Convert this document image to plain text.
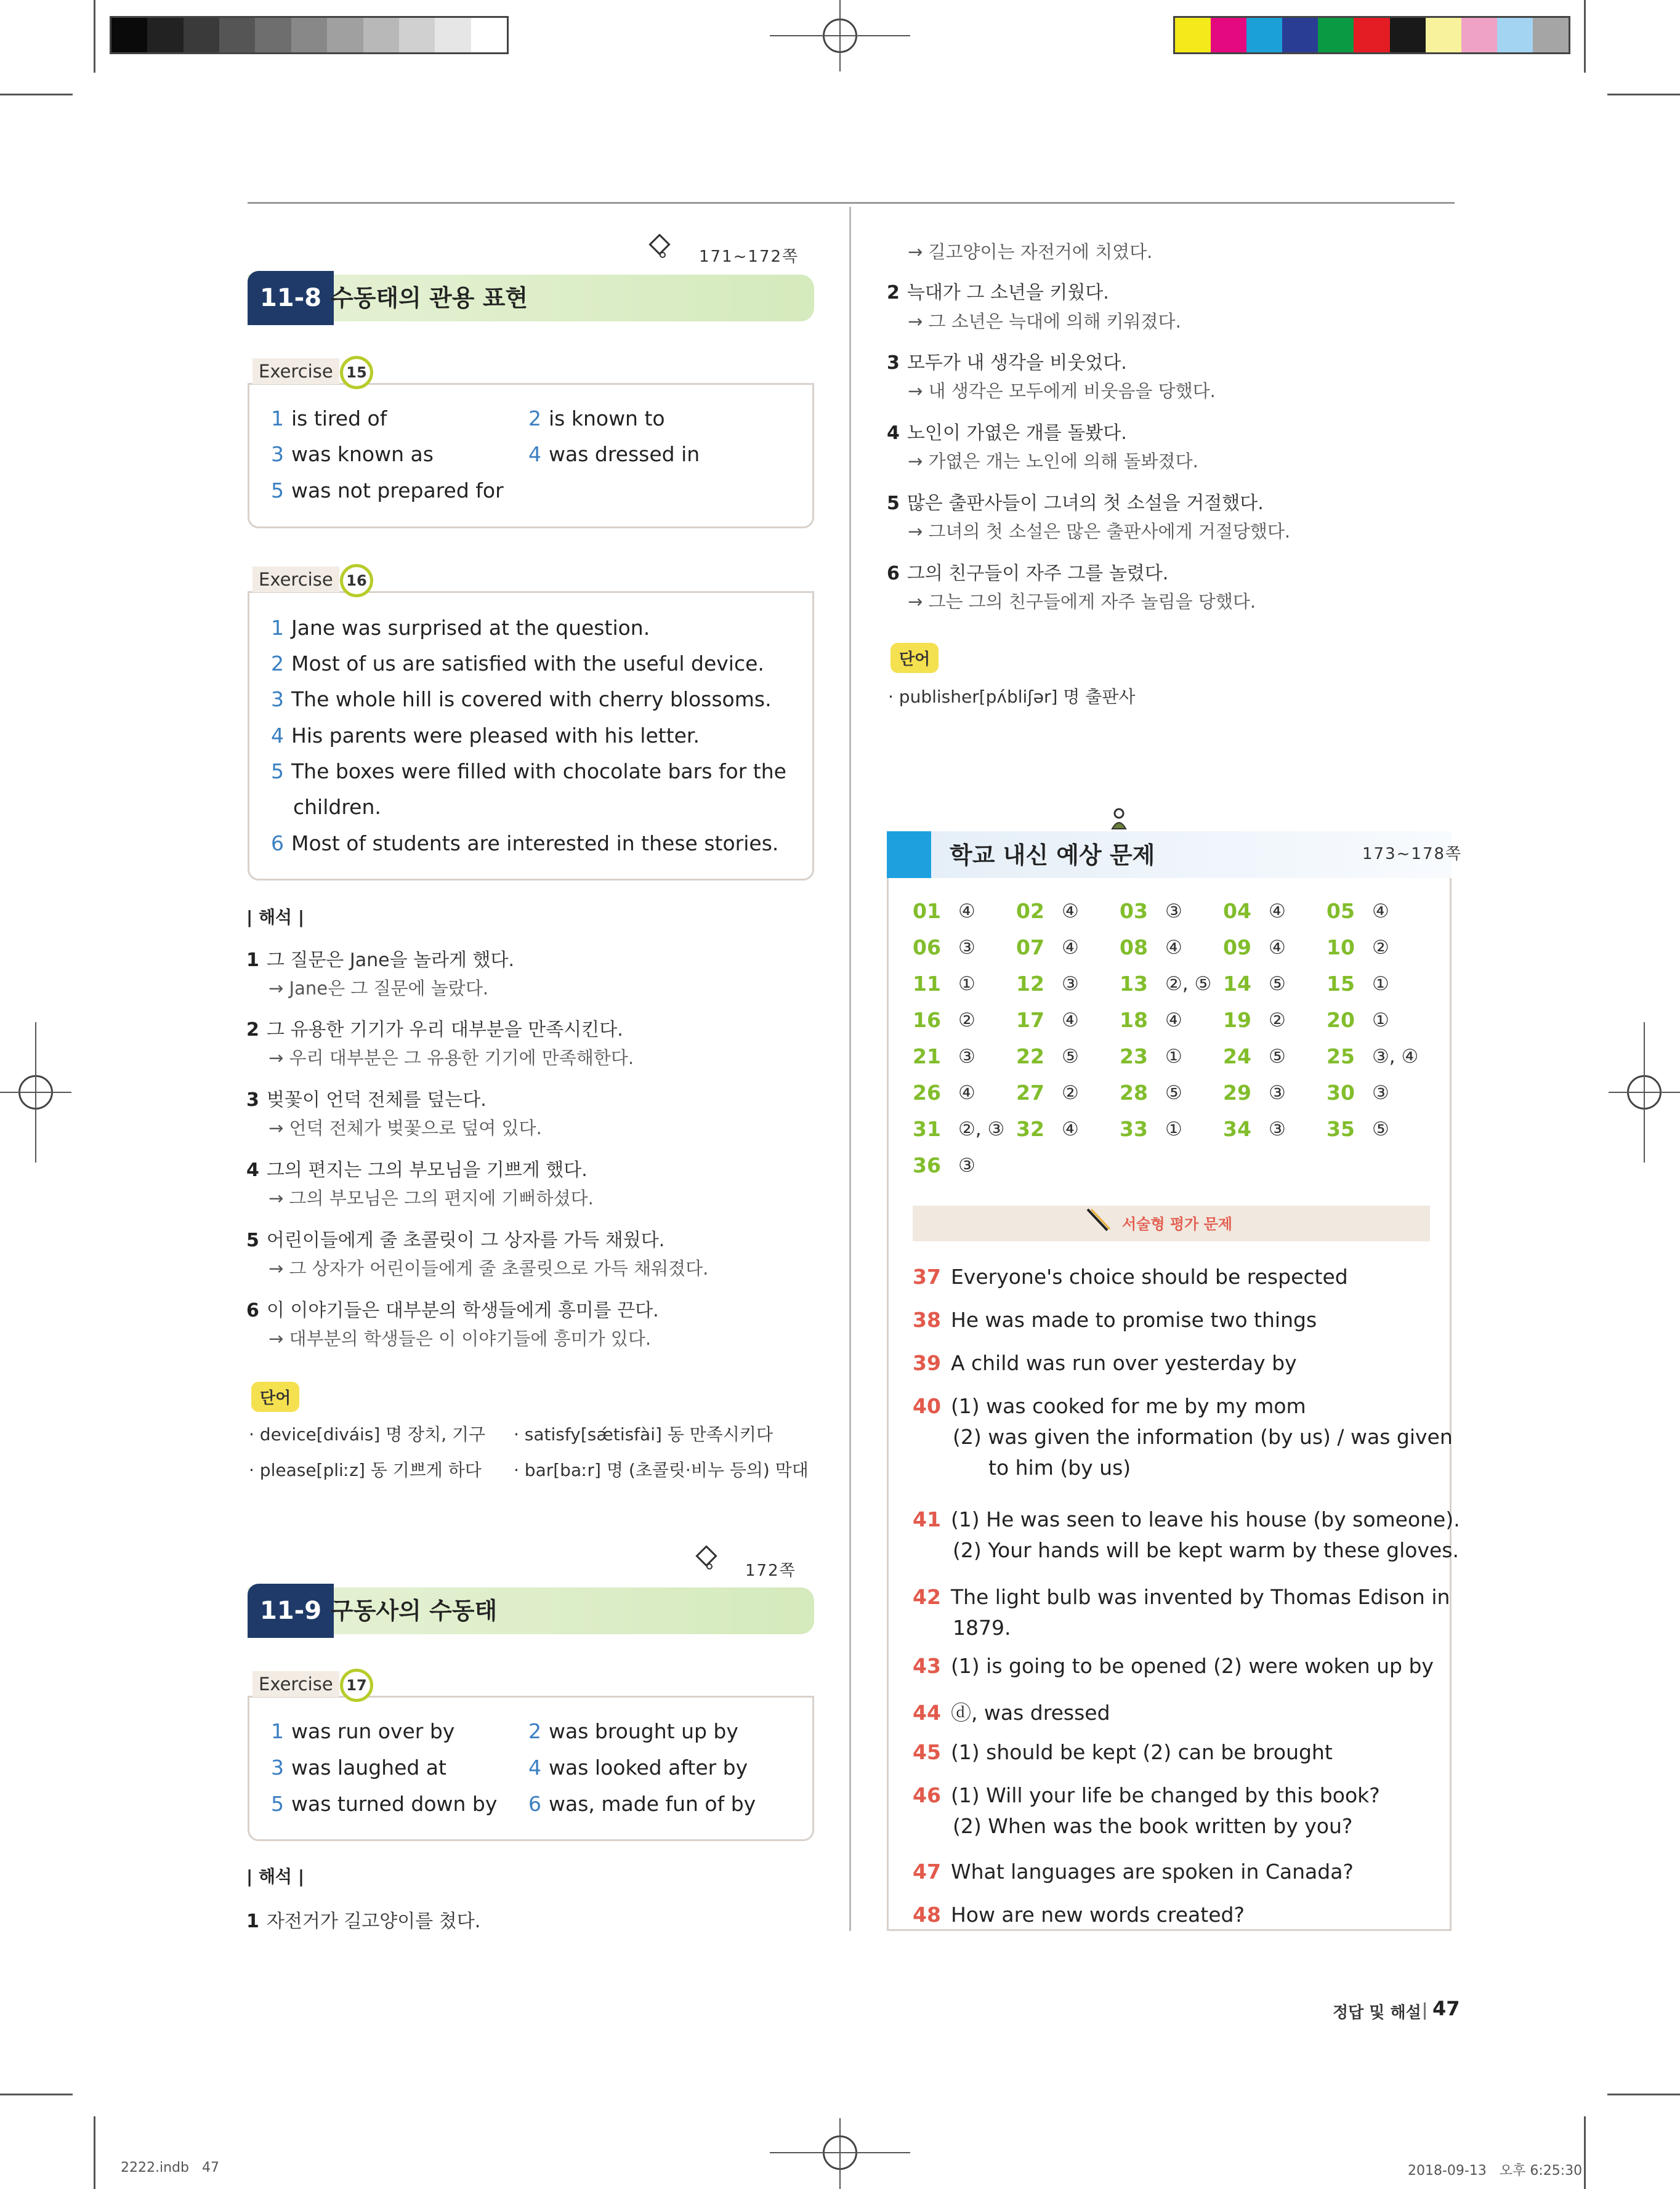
171~172쪽
11-8 수동태의 관용 표현
Exercise 15
1 is tired of	2 is known to
3 was known as	4 was dressed in
5 was not prepared for
Exercise 16
1 Jane was surprised at the question.
2 Most of us are satisfied with the useful device.
3 The whole hill is covered with cherry blossoms.
4 His parents were pleased with his letter.
5 The boxes were filled with chocolate bars for the
children.
6 Most of students are interested in these stories.
| 해석 |
1 그 질문은 Jane을 놀라게 했다.
→ Jane은 그 질문에 놀랐다.
2 그 유용한 기기가 우리 대부분을 만족시킨다.
→ 우리 대부분은 그 유용한 기기에 만족해한다.
3 벚꽃이 언덕 전체를 덮는다.
→ 언덕 전체가 벚꽃으로 덮여 있다.
4 그의 편지는 그의 부모님을 기쁘게 했다.
→ 그의 부모님은 그의 편지에 기뻐하셨다.
5 어린이들에게 줄 초콜릿이 그 상자를 가득 채웠다.
→ 그 상자가 어린이들에게 줄 초콜릿으로 가득 채워졌다.
6 이 이야기들은 대부분의 학생들에게 흥미를 끈다.
→ 대부분의 학생들은 이 이야기들에 흥미가 있다.
단어
· device[diváis] 명 장치, 기구 · satisfy[sǽtisfài] 동 만족시키다
· please[pliːz] 동 기쁘게 하다 · bar[baːr] 명 (초콜릿·비누 등의) 막대
172쪽
11-9 구동사의 수동태
Exercise 17
1 was run over by	2 was brought up by
3 was laughed at	4 was looked after by
5 was turned down by 6 was, made fun of by
| 해석 |
1 자전거가 길고양이를 쳤다.
→ 길고양이는 자전거에 치였다.
2 늑대가 그 소년을 키웠다.
→ 그 소년은 늑대에 의해 키워졌다.
3 모두가 내 생각을 비웃었다.
→ 내 생각은 모두에게 비웃음을 당했다.
4 노인이 가엾은 개를 돌봤다.
→ 가엾은 개는 노인에 의해 돌봐졌다.
5 많은 출판사들이 그녀의 첫 소설을 거절했다.
→ 그녀의 첫 소설은 많은 출판사에게 거절당했다.
6 그의 친구들이 자주 그를 놀렸다.
→ 그는 그의 친구들에게 자주 놀림을 당했다.
단어
· publisher[pʌ́bliʃər] 명 출판사
학교 내신 예상 문제	173~178쪽
01 ④ 02 ④ 03 ③ 04 ④ 05 ④
06 ③ 07 ④ 08 ④ 09 ④ 10 ②
11 ① 12 ③ 13 ②, ⑤ 14 ⑤ 15 ①
16 ② 17 ④ 18 ④ 19 ② 20 ①
21 ③ 22 ⑤ 23 ① 24 ⑤ 25 ③, ④
26 ④ 27 ② 28 ⑤ 29 ③ 30 ③
31 ②, ③ 32 ④ 33 ① 34 ③ 35 ⑤
36 ③
서술형 평가 문제
37 Everyone's choice should be respected
38 He was made to promise two things
39 A child was run over yesterday by
40 (1) was cooked for me by my mom
(2) was given the information (by us) / was given
to him (by us)
41 (1) He was seen to leave his house (by someone).
(2) Your hands will be kept warm by these gloves.
42 The light bulb was invented by Thomas Edison in
1879.
43 (1) is going to be opened (2) were woken up by
44 ⓓ, was dressed
45 (1) should be kept (2) can be brought
46 (1) Will your life be changed by this book?
(2) When was the book written by you?
47 What languages are spoken in Canada?
48 How are new words created?
정답 및 해설 47
2222.indb   47	2018-09-13   오후 6:25:30
